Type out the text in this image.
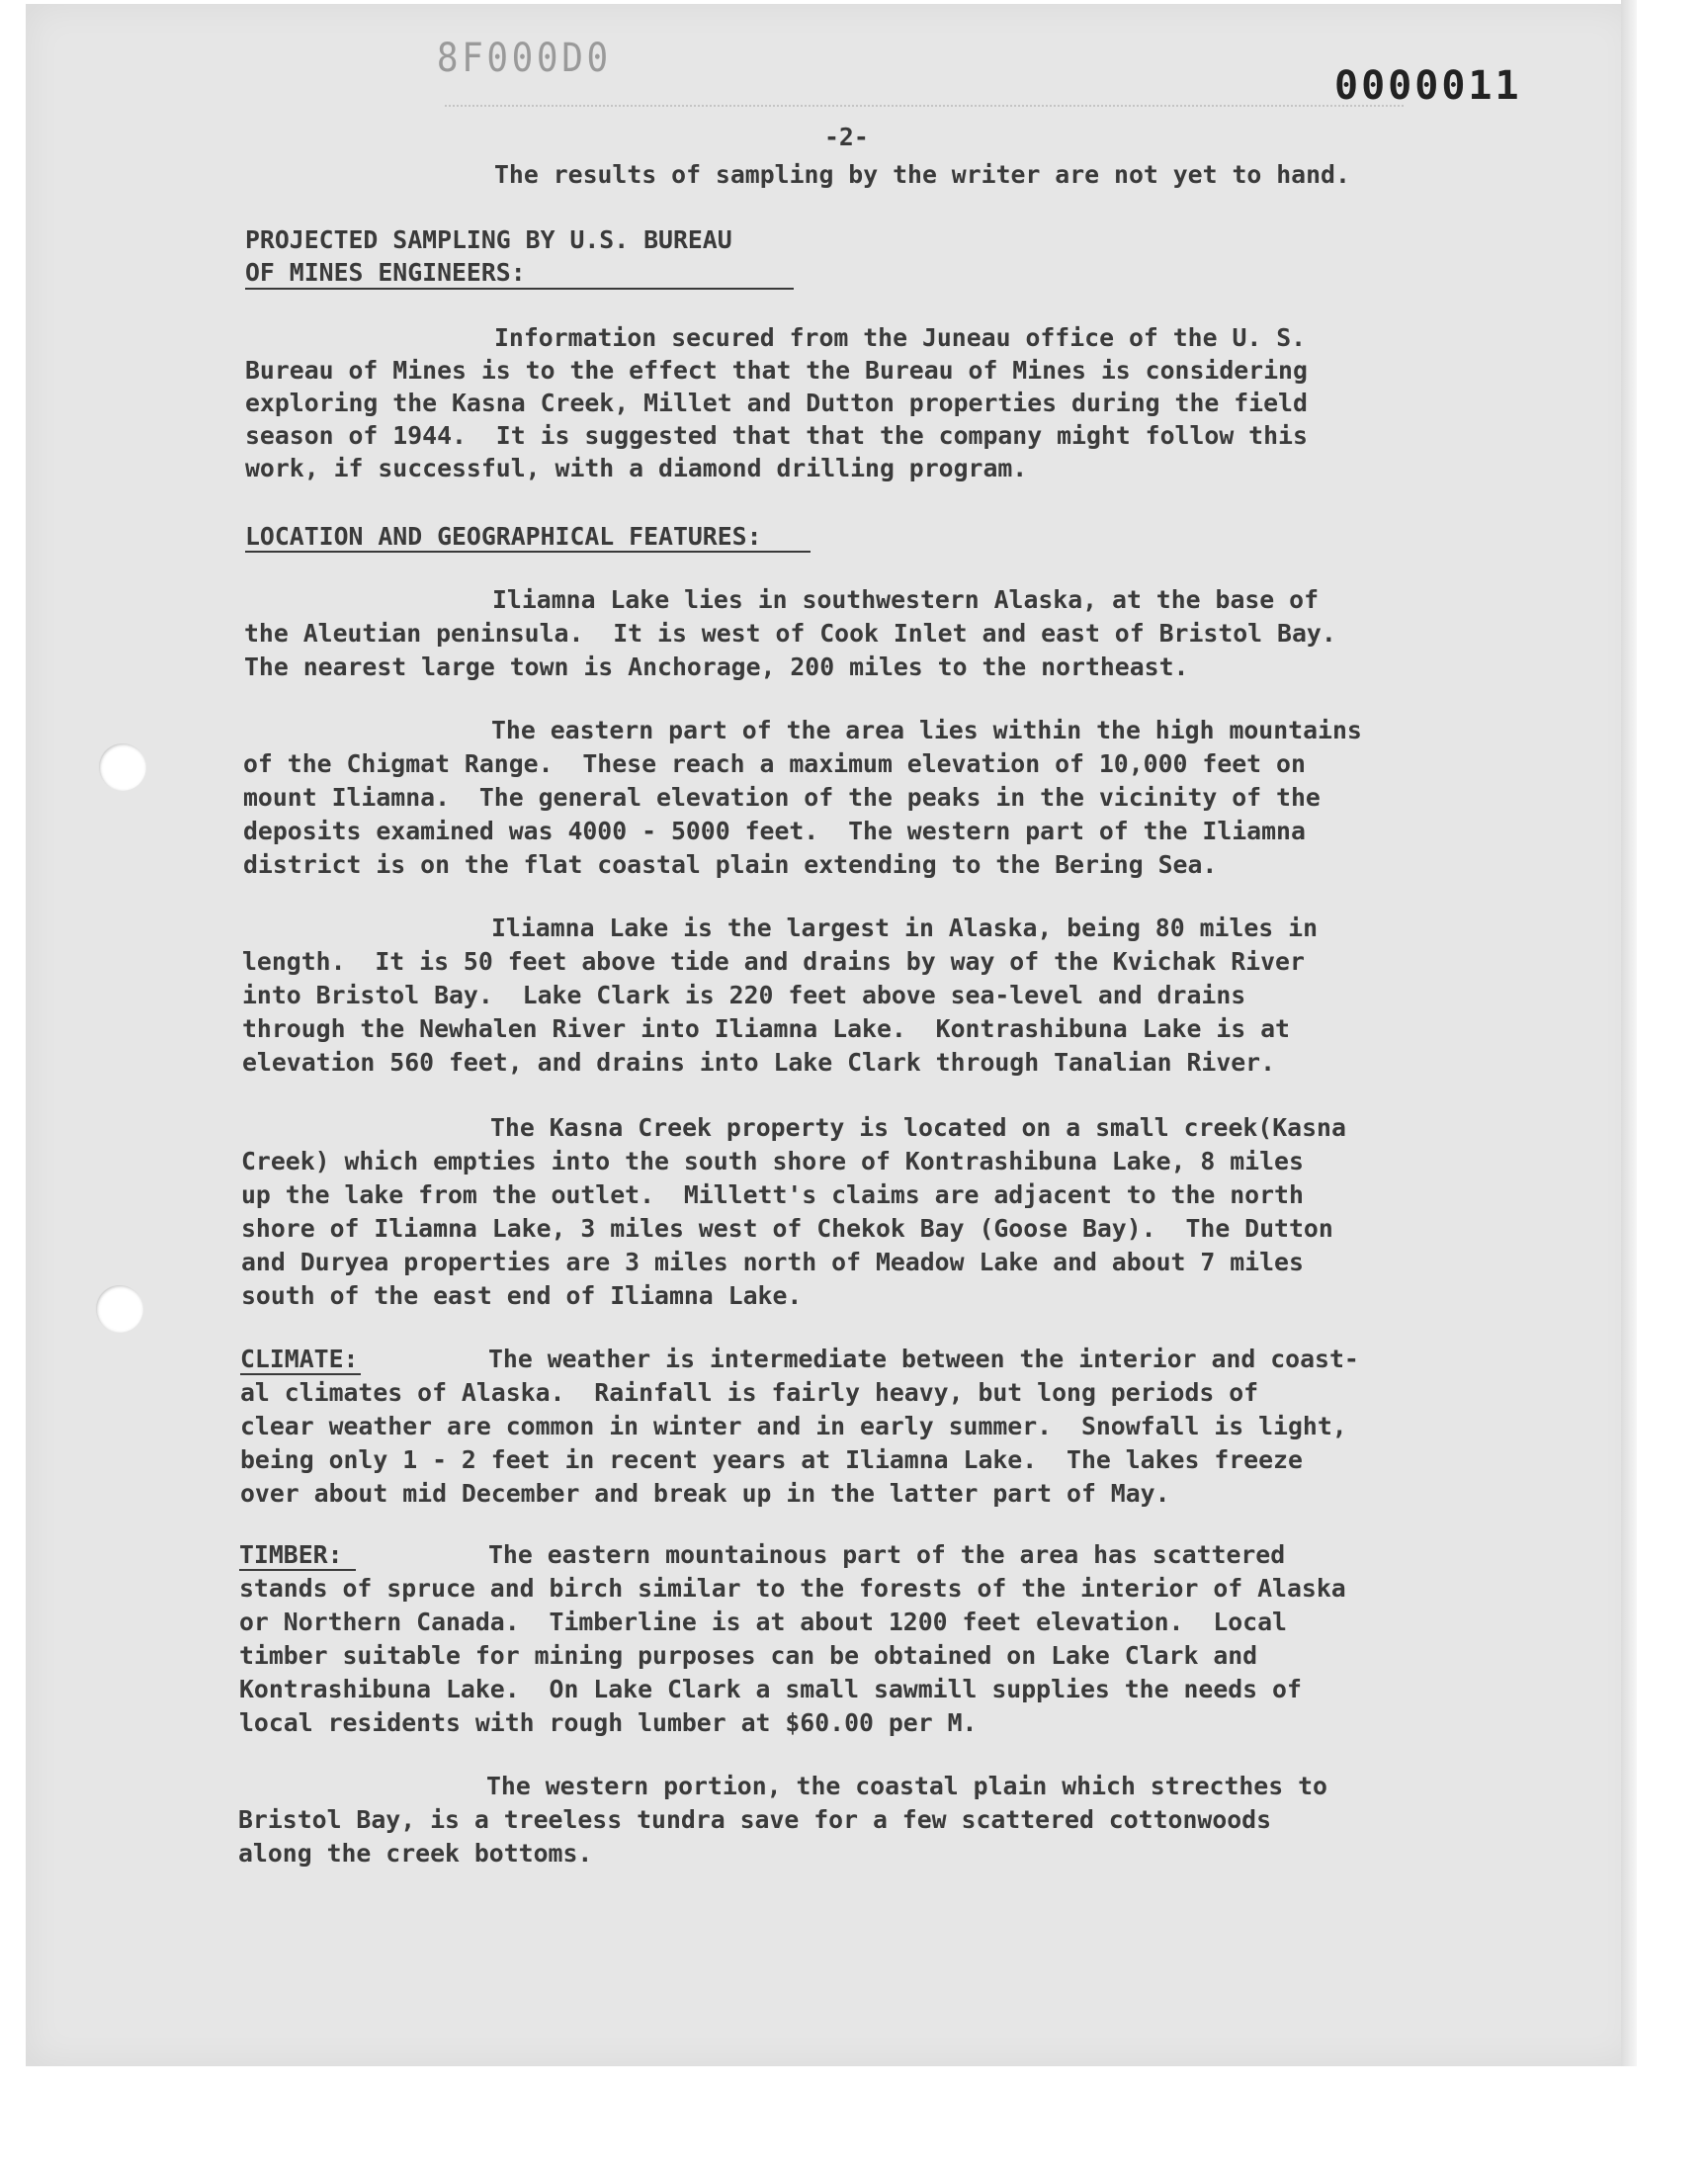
8F000D0
0000011

-2-

The results of sampling by the writer are not yet to hand.

PROJECTED SAMPLING BY U.S. BUREAU

OF MINES ENGINEERS:

Information secured from the Juneau office of the U. S.

Bureau of Mines is to the effect that the Bureau of Mines is considering

exploring the Kasna Creek, Millet and Dutton properties during the field

season of 1944.  It is suggested that that the company might follow this

work, if successful, with a diamond drilling program.

LOCATION AND GEOGRAPHICAL FEATURES:

Iliamna Lake lies in southwestern Alaska, at the base of

the Aleutian peninsula.  It is west of Cook Inlet and east of Bristol Bay.

The nearest large town is Anchorage, 200 miles to the northeast.

The eastern part of the area lies within the high mountains

of the Chigmat Range.  These reach a maximum elevation of 10,000 feet on

mount Iliamna.  The general elevation of the peaks in the vicinity of the

deposits examined was 4000 - 5000 feet.  The western part of the Iliamna

district is on the flat coastal plain extending to the Bering Sea.

Iliamna Lake is the largest in Alaska, being 80 miles in

length.  It is 50 feet above tide and drains by way of the Kvichak River

into Bristol Bay.  Lake Clark is 220 feet above sea-level and drains

through the Newhalen River into Iliamna Lake.  Kontrashibuna Lake is at

elevation 560 feet, and drains into Lake Clark through Tanalian River.

The Kasna Creek property is located on a small creek(Kasna

Creek) which empties into the south shore of Kontrashibuna Lake, 8 miles

up the lake from the outlet.  Millett's claims are adjacent to the north

shore of Iliamna Lake, 3 miles west of Chekok Bay (Goose Bay).  The Dutton

and Duryea properties are 3 miles north of Meadow Lake and about 7 miles

south of the east end of Iliamna Lake.

CLIMATE:

	The weather is intermediate between the interior and coast-

al climates of Alaska.  Rainfall is fairly heavy, but long periods of

clear weather are common in winter and in early summer.  Snowfall is light,

being only 1 - 2 feet in recent years at Iliamna Lake.  The lakes freeze

over about mid December and break up in the latter part of May.

TIMBER:

	The eastern mountainous part of the area has scattered

stands of spruce and birch similar to the forests of the interior of Alaska

or Northern Canada.  Timberline is at about 1200 feet elevation.  Local

timber suitable for mining purposes can be obtained on Lake Clark and

Kontrashibuna Lake.  On Lake Clark a small sawmill supplies the needs of

local residents with rough lumber at $60.00 per M.

The western portion, the coastal plain which strecthes to

Bristol Bay, is a treeless tundra save for a few scattered cottonwoods

along the creek bottoms.
